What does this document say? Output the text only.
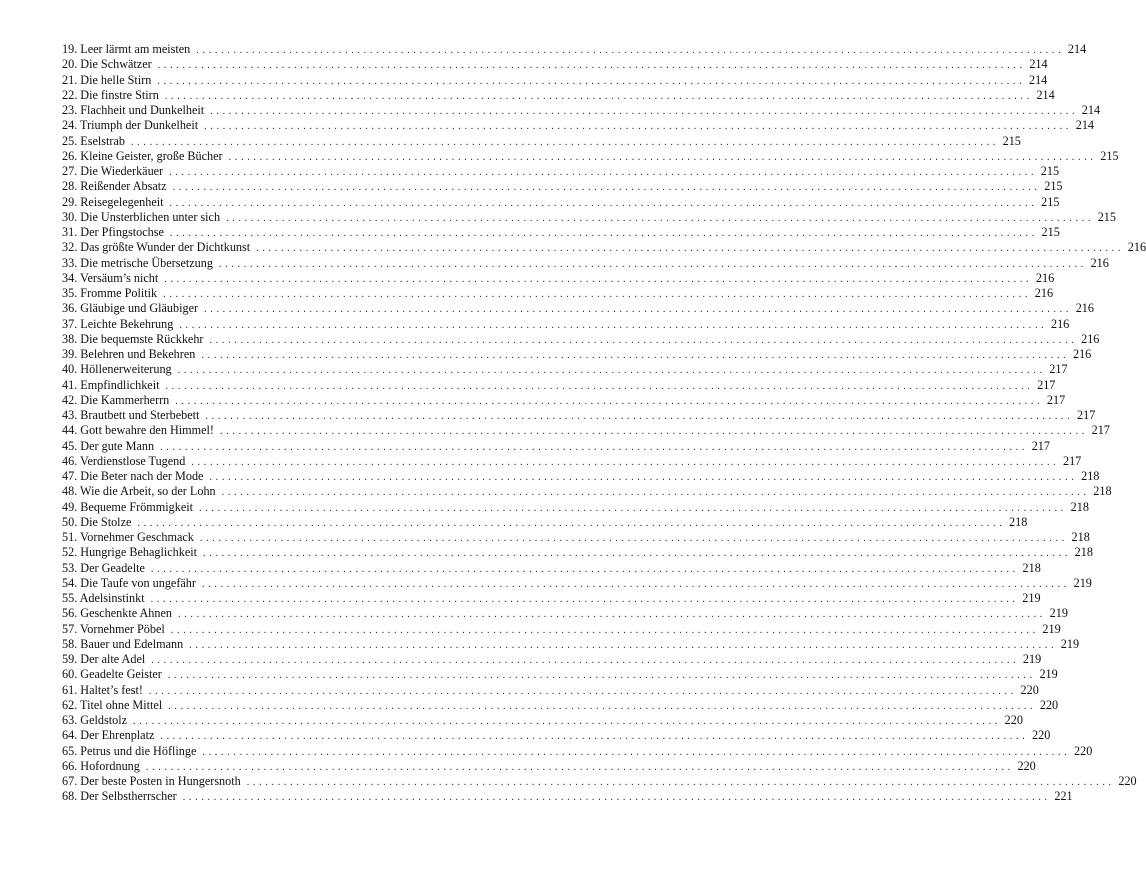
19. Leer lärmt am meisten . . . . . . . . . . . . . . . . . . . . . . . . . . . . . . . . . . . . . . . . . . . . . . . . . . . . . . . . . . . . . . . . . . . . . . . . . . . . . . . . . . . . . . . . . . . . . . . . . . . . . . . . . . . . . . . . . . . . . . . . . . . . . . . . . . . . . . . . . . . . 214
20. Die Schwätzer . . . . . . . . . . . . . . . . . . . . . . . . . . . . . . . . . . . . . . . . . . . . . . . . . . . . . . . . . . . . . . . . . . . . . . . . . . . . . . . . . . . . . . . . . . . . . . . . . . . . . . . . . . . . . . . . . . . . . . . . . . . . . . . . . . . . . . . . . . . . 214
21. Die helle Stirn . . . . . . . . . . . . . . . . . . . . . . . . . . . . . . . . . . . . . . . . . . . . . . . . . . . . . . . . . . . . . . . . . . . . . . . . . . . . . . . . . . . . . . . . . . . . . . . . . . . . . . . . . . . . . . . . . . . . . . . . . . . . . . . . . . . . . . . . . . . . 214
22. Die finstre Stirn . . . . . . . . . . . . . . . . . . . . . . . . . . . . . . . . . . . . . . . . . . . . . . . . . . . . . . . . . . . . . . . . . . . . . . . . . . . . . . . . . . . . . . . . . . . . . . . . . . . . . . . . . . . . . . . . . . . . . . . . . . . . . . . . . . . . . . . . . . . . 214
23. Flachheit und Dunkelheit . . . . . . . . . . . . . . . . . . . . . . . . . . . . . . . . . . . . . . . . . . . . . . . . . . . . . . . . . . . . . . . . . . . . . . . . . . . . . . . . . . . . . . . . . . . . . . . . . . . . . . . . . . . . . . . . . . . . . . . . . . . . . . . . . . . . . . . . . . . . 214
24. Triumph der Dunkelheit . . . . . . . . . . . . . . . . . . . . . . . . . . . . . . . . . . . . . . . . . . . . . . . . . . . . . . . . . . . . . . . . . . . . . . . . . . . . . . . . . . . . . . . . . . . . . . . . . . . . . . . . . . . . . . . . . . . . . . . . . . . . . . . . . . . . . . . . . . . . 214
25. Eselstrab . . . . . . . . . . . . . . . . . . . . . . . . . . . . . . . . . . . . . . . . . . . . . . . . . . . . . . . . . . . . . . . . . . . . . . . . . . . . . . . . . . . . . . . . . . . . . . . . . . . . . . . . . . . . . . . . . . . . . . . . . . . . . . . . . . . . . . . . . . . . 215
26. Kleine Geister, große Bücher . . . . . . . . . . . . . . . . . . . . . . . . . . . . . . . . . . . . . . . . . . . . . . . . . . . . . . . . . . . . . . . . . . . . . . . . . . . . . . . . . . . . . . . . . . . . . . . . . . . . . . . . . . . . . . . . . . . . . . . . . . . . . . . . . . . . . . . . . . . . 215
27. Die Wiederkäuer . . . . . . . . . . . . . . . . . . . . . . . . . . . . . . . . . . . . . . . . . . . . . . . . . . . . . . . . . . . . . . . . . . . . . . . . . . . . . . . . . . . . . . . . . . . . . . . . . . . . . . . . . . . . . . . . . . . . . . . . . . . . . . . . . . . . . . . . . . . . 215
28. Reißender Absatz . . . . . . . . . . . . . . . . . . . . . . . . . . . . . . . . . . . . . . . . . . . . . . . . . . . . . . . . . . . . . . . . . . . . . . . . . . . . . . . . . . . . . . . . . . . . . . . . . . . . . . . . . . . . . . . . . . . . . . . . . . . . . . . . . . . . . . . . . . . . 215
29. Reisegelegenheit . . . . . . . . . . . . . . . . . . . . . . . . . . . . . . . . . . . . . . . . . . . . . . . . . . . . . . . . . . . . . . . . . . . . . . . . . . . . . . . . . . . . . . . . . . . . . . . . . . . . . . . . . . . . . . . . . . . . . . . . . . . . . . . . . . . . . . . . . . . . 215
30. Die Unsterblichen unter sich . . . . . . . . . . . . . . . . . . . . . . . . . . . . . . . . . . . . . . . . . . . . . . . . . . . . . . . . . . . . . . . . . . . . . . . . . . . . . . . . . . . . . . . . . . . . . . . . . . . . . . . . . . . . . . . . . . . . . . . . . . . . . . . . . . . . . . . . . . . . 215
31. Der Pfingstochse . . . . . . . . . . . . . . . . . . . . . . . . . . . . . . . . . . . . . . . . . . . . . . . . . . . . . . . . . . . . . . . . . . . . . . . . . . . . . . . . . . . . . . . . . . . . . . . . . . . . . . . . . . . . . . . . . . . . . . . . . . . . . . . . . . . . . . . . . . . . 215
32. Das größte Wunder der Dichtkunst . . . . . . . . . . . . . . . . . . . . . . . . . . . . . . . . . . . . . . . . . . . . . . . . . . . . . . . . . . . . . . . . . . . . . . . . . . . . . . . . . . . . . . . . . . . . . . . . . . . . . . . . . . . . . . . . . . . . . . . . . . . . . . . . . . . . . . . . . . . . 216
33. Die metrische Übersetzung . . . . . . . . . . . . . . . . . . . . . . . . . . . . . . . . . . . . . . . . . . . . . . . . . . . . . . . . . . . . . . . . . . . . . . . . . . . . . . . . . . . . . . . . . . . . . . . . . . . . . . . . . . . . . . . . . . . . . . . . . . . . . . . . . . . . . . . . . . . . 216
34. Versäum’s nicht . . . . . . . . . . . . . . . . . . . . . . . . . . . . . . . . . . . . . . . . . . . . . . . . . . . . . . . . . . . . . . . . . . . . . . . . . . . . . . . . . . . . . . . . . . . . . . . . . . . . . . . . . . . . . . . . . . . . . . . . . . . . . . . . . . . . . . . . . . . . 216
35. Fromme Politik . . . . . . . . . . . . . . . . . . . . . . . . . . . . . . . . . . . . . . . . . . . . . . . . . . . . . . . . . . . . . . . . . . . . . . . . . . . . . . . . . . . . . . . . . . . . . . . . . . . . . . . . . . . . . . . . . . . . . . . . . . . . . . . . . . . . . . . . . . . . 216
36. Gläubige und Gläubiger . . . . . . . . . . . . . . . . . . . . . . . . . . . . . . . . . . . . . . . . . . . . . . . . . . . . . . . . . . . . . . . . . . . . . . . . . . . . . . . . . . . . . . . . . . . . . . . . . . . . . . . . . . . . . . . . . . . . . . . . . . . . . . . . . . . . . . . . . . . . 216
37. Leichte Bekehrung . . . . . . . . . . . . . . . . . . . . . . . . . . . . . . . . . . . . . . . . . . . . . . . . . . . . . . . . . . . . . . . . . . . . . . . . . . . . . . . . . . . . . . . . . . . . . . . . . . . . . . . . . . . . . . . . . . . . . . . . . . . . . . . . . . . . . . . . . . . . 216
38. Die bequemste Rückkehr . . . . . . . . . . . . . . . . . . . . . . . . . . . . . . . . . . . . . . . . . . . . . . . . . . . . . . . . . . . . . . . . . . . . . . . . . . . . . . . . . . . . . . . . . . . . . . . . . . . . . . . . . . . . . . . . . . . . . . . . . . . . . . . . . . . . . . . . . . . . 216
39. Belehren und Bekehren . . . . . . . . . . . . . . . . . . . . . . . . . . . . . . . . . . . . . . . . . . . . . . . . . . . . . . . . . . . . . . . . . . . . . . . . . . . . . . . . . . . . . . . . . . . . . . . . . . . . . . . . . . . . . . . . . . . . . . . . . . . . . . . . . . . . . . . . . . . . 216
40. Höllenerweiterung . . . . . . . . . . . . . . . . . . . . . . . . . . . . . . . . . . . . . . . . . . . . . . . . . . . . . . . . . . . . . . . . . . . . . . . . . . . . . . . . . . . . . . . . . . . . . . . . . . . . . . . . . . . . . . . . . . . . . . . . . . . . . . . . . . . . . . . . . . . . 217
41. Empfindlichkeit . . . . . . . . . . . . . . . . . . . . . . . . . . . . . . . . . . . . . . . . . . . . . . . . . . . . . . . . . . . . . . . . . . . . . . . . . . . . . . . . . . . . . . . . . . . . . . . . . . . . . . . . . . . . . . . . . . . . . . . . . . . . . . . . . . . . . . . . . . . . 217
42. Die Kammerherrn . . . . . . . . . . . . . . . . . . . . . . . . . . . . . . . . . . . . . . . . . . . . . . . . . . . . . . . . . . . . . . . . . . . . . . . . . . . . . . . . . . . . . . . . . . . . . . . . . . . . . . . . . . . . . . . . . . . . . . . . . . . . . . . . . . . . . . . . . . . . 217
43. Brautbett und Sterbebett . . . . . . . . . . . . . . . . . . . . . . . . . . . . . . . . . . . . . . . . . . . . . . . . . . . . . . . . . . . . . . . . . . . . . . . . . . . . . . . . . . . . . . . . . . . . . . . . . . . . . . . . . . . . . . . . . . . . . . . . . . . . . . . . . . . . . . . . . . . . 217
44. Gott bewahre den Himmel! . . . . . . . . . . . . . . . . . . . . . . . . . . . . . . . . . . . . . . . . . . . . . . . . . . . . . . . . . . . . . . . . . . . . . . . . . . . . . . . . . . . . . . . . . . . . . . . . . . . . . . . . . . . . . . . . . . . . . . . . . . . . . . . . . . . . . . . . . . . . 217
45. Der gute Mann . . . . . . . . . . . . . . . . . . . . . . . . . . . . . . . . . . . . . . . . . . . . . . . . . . . . . . . . . . . . . . . . . . . . . . . . . . . . . . . . . . . . . . . . . . . . . . . . . . . . . . . . . . . . . . . . . . . . . . . . . . . . . . . . . . . . . . . . . . . . 217
46. Verdienstlose Tugend . . . . . . . . . . . . . . . . . . . . . . . . . . . . . . . . . . . . . . . . . . . . . . . . . . . . . . . . . . . . . . . . . . . . . . . . . . . . . . . . . . . . . . . . . . . . . . . . . . . . . . . . . . . . . . . . . . . . . . . . . . . . . . . . . . . . . . . . . . . . 217
47. Die Beter nach der Mode . . . . . . . . . . . . . . . . . . . . . . . . . . . . . . . . . . . . . . . . . . . . . . . . . . . . . . . . . . . . . . . . . . . . . . . . . . . . . . . . . . . . . . . . . . . . . . . . . . . . . . . . . . . . . . . . . . . . . . . . . . . . . . . . . . . . . . . . . . . . 218
48. Wie die Arbeit, so der Lohn . . . . . . . . . . . . . . . . . . . . . . . . . . . . . . . . . . . . . . . . . . . . . . . . . . . . . . . . . . . . . . . . . . . . . . . . . . . . . . . . . . . . . . . . . . . . . . . . . . . . . . . . . . . . . . . . . . . . . . . . . . . . . . . . . . . . . . . . . . . . 218
49. Bequeme Frömmigkeit . . . . . . . . . . . . . . . . . . . . . . . . . . . . . . . . . . . . . . . . . . . . . . . . . . . . . . . . . . . . . . . . . . . . . . . . . . . . . . . . . . . . . . . . . . . . . . . . . . . . . . . . . . . . . . . . . . . . . . . . . . . . . . . . . . . . . . . . . . . . 218
50. Die Stolze . . . . . . . . . . . . . . . . . . . . . . . . . . . . . . . . . . . . . . . . . . . . . . . . . . . . . . . . . . . . . . . . . . . . . . . . . . . . . . . . . . . . . . . . . . . . . . . . . . . . . . . . . . . . . . . . . . . . . . . . . . . . . . . . . . . . . . . . . . . . 218
51. Vornehmer Geschmack . . . . . . . . . . . . . . . . . . . . . . . . . . . . . . . . . . . . . . . . . . . . . . . . . . . . . . . . . . . . . . . . . . . . . . . . . . . . . . . . . . . . . . . . . . . . . . . . . . . . . . . . . . . . . . . . . . . . . . . . . . . . . . . . . . . . . . . . . . . . 218
52. Hungrige Behaglichkeit . . . . . . . . . . . . . . . . . . . . . . . . . . . . . . . . . . . . . . . . . . . . . . . . . . . . . . . . . . . . . . . . . . . . . . . . . . . . . . . . . . . . . . . . . . . . . . . . . . . . . . . . . . . . . . . . . . . . . . . . . . . . . . . . . . . . . . . . . . . . 218
53. Der Geadelte . . . . . . . . . . . . . . . . . . . . . . . . . . . . . . . . . . . . . . . . . . . . . . . . . . . . . . . . . . . . . . . . . . . . . . . . . . . . . . . . . . . . . . . . . . . . . . . . . . . . . . . . . . . . . . . . . . . . . . . . . . . . . . . . . . . . . . . . . . . . 218
54. Die Taufe von ungefähr . . . . . . . . . . . . . . . . . . . . . . . . . . . . . . . . . . . . . . . . . . . . . . . . . . . . . . . . . . . . . . . . . . . . . . . . . . . . . . . . . . . . . . . . . . . . . . . . . . . . . . . . . . . . . . . . . . . . . . . . . . . . . . . . . . . . . . . . . . . . 219
55. Adelsinstinkt . . . . . . . . . . . . . . . . . . . . . . . . . . . . . . . . . . . . . . . . . . . . . . . . . . . . . . . . . . . . . . . . . . . . . . . . . . . . . . . . . . . . . . . . . . . . . . . . . . . . . . . . . . . . . . . . . . . . . . . . . . . . . . . . . . . . . . . . . . . . 219
56. Geschenkte Ahnen . . . . . . . . . . . . . . . . . . . . . . . . . . . . . . . . . . . . . . . . . . . . . . . . . . . . . . . . . . . . . . . . . . . . . . . . . . . . . . . . . . . . . . . . . . . . . . . . . . . . . . . . . . . . . . . . . . . . . . . . . . . . . . . . . . . . . . . . . . . . 219
57. Vornehmer Pöbel . . . . . . . . . . . . . . . . . . . . . . . . . . . . . . . . . . . . . . . . . . . . . . . . . . . . . . . . . . . . . . . . . . . . . . . . . . . . . . . . . . . . . . . . . . . . . . . . . . . . . . . . . . . . . . . . . . . . . . . . . . . . . . . . . . . . . . . . . . . . 219
58. Bauer und Edelmann . . . . . . . . . . . . . . . . . . . . . . . . . . . . . . . . . . . . . . . . . . . . . . . . . . . . . . . . . . . . . . . . . . . . . . . . . . . . . . . . . . . . . . . . . . . . . . . . . . . . . . . . . . . . . . . . . . . . . . . . . . . . . . . . . . . . . . . . . . . . 219
59. Der alte Adel . . . . . . . . . . . . . . . . . . . . . . . . . . . . . . . . . . . . . . . . . . . . . . . . . . . . . . . . . . . . . . . . . . . . . . . . . . . . . . . . . . . . . . . . . . . . . . . . . . . . . . . . . . . . . . . . . . . . . . . . . . . . . . . . . . . . . . . . . . . . 219
60. Geadelte Geister . . . . . . . . . . . . . . . . . . . . . . . . . . . . . . . . . . . . . . . . . . . . . . . . . . . . . . . . . . . . . . . . . . . . . . . . . . . . . . . . . . . . . . . . . . . . . . . . . . . . . . . . . . . . . . . . . . . . . . . . . . . . . . . . . . . . . . . . . . . . 219
61. Haltet’s fest! . . . . . . . . . . . . . . . . . . . . . . . . . . . . . . . . . . . . . . . . . . . . . . . . . . . . . . . . . . . . . . . . . . . . . . . . . . . . . . . . . . . . . . . . . . . . . . . . . . . . . . . . . . . . . . . . . . . . . . . . . . . . . . . . . . . . . . . . . . . . 220
62. Titel ohne Mittel . . . . . . . . . . . . . . . . . . . . . . . . . . . . . . . . . . . . . . . . . . . . . . . . . . . . . . . . . . . . . . . . . . . . . . . . . . . . . . . . . . . . . . . . . . . . . . . . . . . . . . . . . . . . . . . . . . . . . . . . . . . . . . . . . . . . . . . . . . . . 220
63. Geldstolz . . . . . . . . . . . . . . . . . . . . . . . . . . . . . . . . . . . . . . . . . . . . . . . . . . . . . . . . . . . . . . . . . . . . . . . . . . . . . . . . . . . . . . . . . . . . . . . . . . . . . . . . . . . . . . . . . . . . . . . . . . . . . . . . . . . . . . . . . . . . 220
64. Der Ehrenplatz . . . . . . . . . . . . . . . . . . . . . . . . . . . . . . . . . . . . . . . . . . . . . . . . . . . . . . . . . . . . . . . . . . . . . . . . . . . . . . . . . . . . . . . . . . . . . . . . . . . . . . . . . . . . . . . . . . . . . . . . . . . . . . . . . . . . . . . . . . . . 220
65. Petrus und die Höflinge . . . . . . . . . . . . . . . . . . . . . . . . . . . . . . . . . . . . . . . . . . . . . . . . . . . . . . . . . . . . . . . . . . . . . . . . . . . . . . . . . . . . . . . . . . . . . . . . . . . . . . . . . . . . . . . . . . . . . . . . . . . . . . . . . . . . . . . . . . . . 220
66. Hofordnung . . . . . . . . . . . . . . . . . . . . . . . . . . . . . . . . . . . . . . . . . . . . . . . . . . . . . . . . . . . . . . . . . . . . . . . . . . . . . . . . . . . . . . . . . . . . . . . . . . . . . . . . . . . . . . . . . . . . . . . . . . . . . . . . . . . . . . . . . . . . 220
67. Der beste Posten in Hungersnoth . . . . . . . . . . . . . . . . . . . . . . . . . . . . . . . . . . . . . . . . . . . . . . . . . . . . . . . . . . . . . . . . . . . . . . . . . . . . . . . . . . . . . . . . . . . . . . . . . . . . . . . . . . . . . . . . . . . . . . . . . . . . . . . . . . . . . . . . . . . . 220
68. Der Selbstherrscher . . . . . . . . . . . . . . . . . . . . . . . . . . . . . . . . . . . . . . . . . . . . . . . . . . . . . . . . . . . . . . . . . . . . . . . . . . . . . . . . . . . . . . . . . . . . . . . . . . . . . . . . . . . . . . . . . . . . . . . . . . . . . . . . . . . . . . . . . . . . 221
